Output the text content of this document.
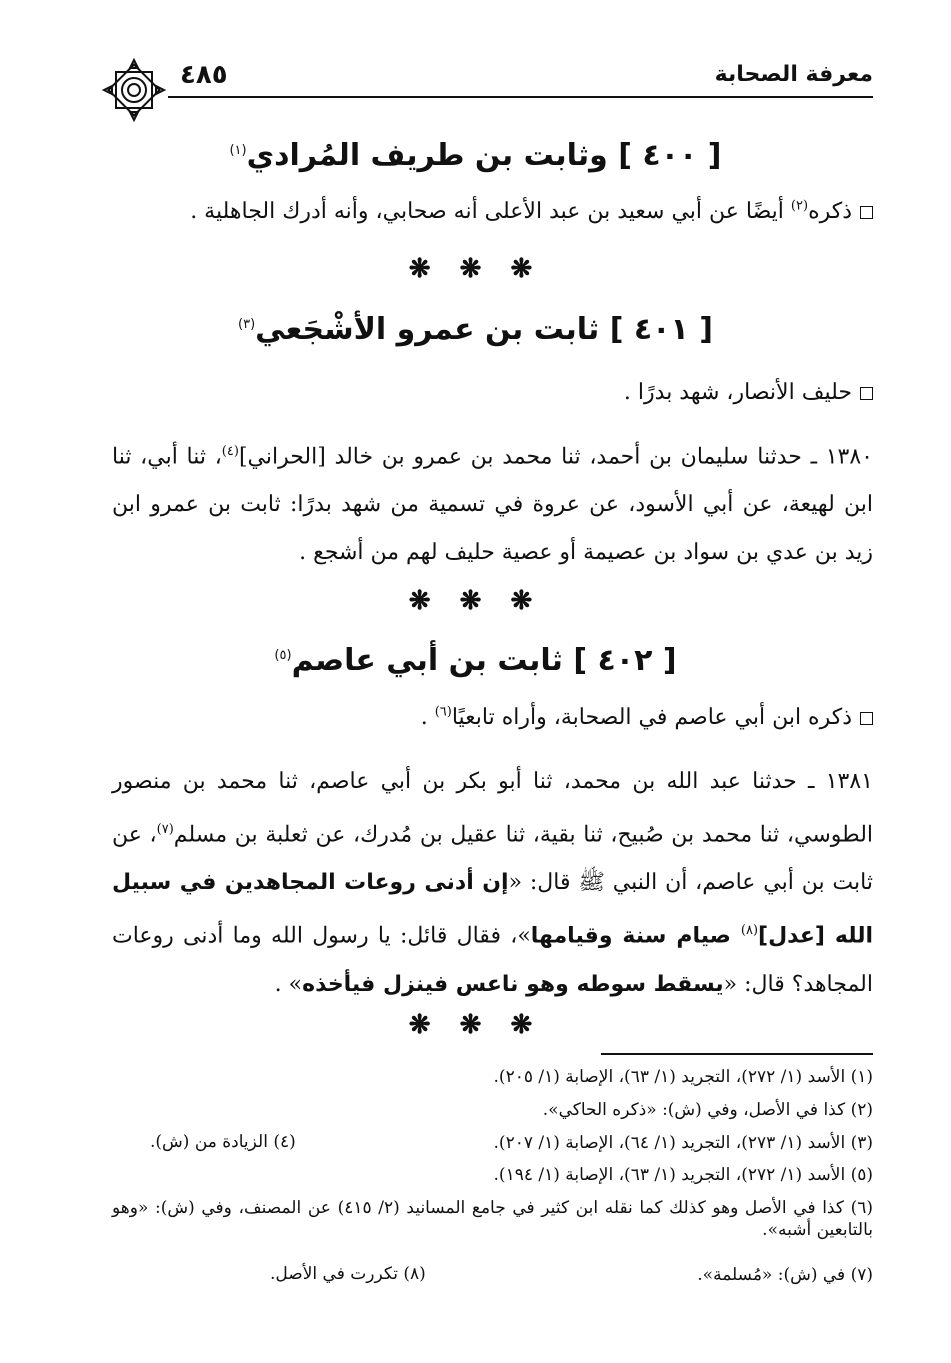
معرفة الصحابة
٤٨٥
[ ٤٠٠ ] وثابت بن طريف المُرادي$^{(١)}$
ذكره$^{(٢)}$ أيضًا عن أبي سعيد بن عبد الأعلى أنه صحابي، وأنه أدرك الجاهلية .
❋ ❋ ❋
[ ٤٠١ ] ثابت بن عمرو الأشْجَعي$^{(٣)}$
حليف الأنصار، شهد بدرًا .
١٣٨٠ ـ حدثنا سليمان بن أحمد، ثنا محمد بن عمرو بن خالد [الحراني]$^{(٤)}$، ثنا أبي، ثنا ابن لهيعة، عن أبي الأسود، عن عروة في تسمية من شهد بدرًا: ثابت بن عمرو ابن زيد بن عدي بن سواد بن عصيمة أو عصية حليف لهم من أشجع .
❋ ❋ ❋
[ ٤٠٢ ] ثابت بن أبي عاصم$^{(٥)}$
ذكره ابن أبي عاصم في الصحابة، وأراه تابعيًا$^{(٦)}$ .
١٣٨١ ـ حدثنا عبد الله بن محمد، ثنا أبو بكر بن أبي عاصم، ثنا محمد بن منصور الطوسي، ثنا محمد بن صُبيح، ثنا بقية، ثنا عقيل بن مُدرك، عن ثعلبة بن مسلم$^{(٧)}$، عن ثابت بن أبي عاصم، أن النبي ﷺ قال: «إن أدنى روعات المجاهدين في سبيل الله [عدل]$^{(٨)}$ صيام سنة وقيامها»، فقال قائل: يا رسول الله وما أدنى روعات المجاهد؟ قال: «يسقط سوطه وهو ناعس فينزل فيأخذه» .
❋ ❋ ❋
(١) الأسد (١/ ٢٧٢)، التجريد (١/ ٦٣)، الإصابة (١/ ٢٠٥).
(٢) كذا في الأصل، وفي (ش): «ذكره الحاكي».
(٣) الأسد (١/ ٢٧٣)، التجريد (١/ ٦٤)، الإصابة (١/ ٢٠٧).
(٤) الزيادة من (ش).
(٥) الأسد (١/ ٢٧٢)، التجريد (١/ ٦٣)، الإصابة (١/ ١٩٤).
(٦) كذا في الأصل وهو كذلك كما نقله ابن كثير في جامع المسانيد (٢/ ٤١٥) عن المصنف، وفي (ش): «وهو بالتابعين أشبه».
(٧) في (ش): «مُسلمة».
(٨) تكررت في الأصل.
